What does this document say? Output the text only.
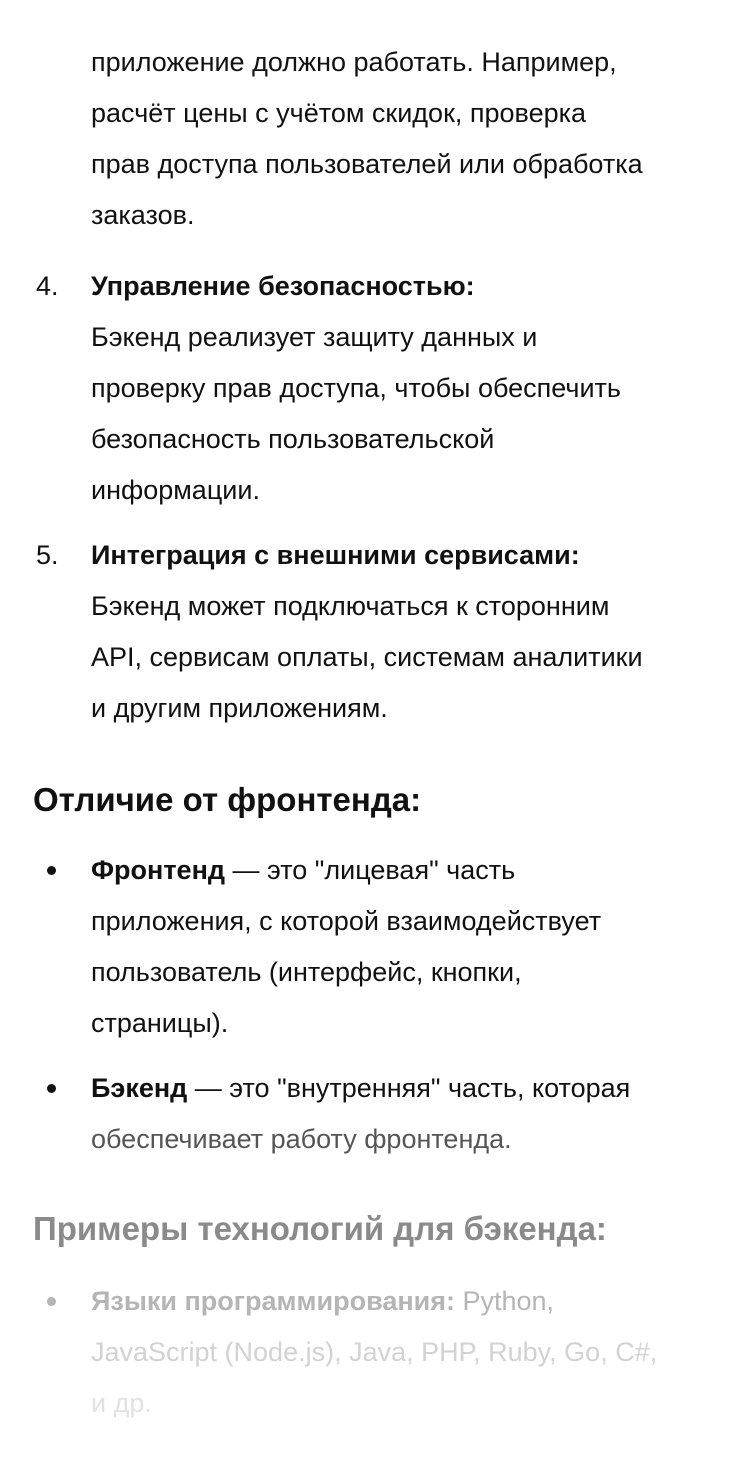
приложение должно работать. Например,

расчёт цены с учётом скидок, проверка

прав доступа пользователей или обработка

заказов.

4. Управление безопасностью:
Бэкенд реализует защиту данных и
проверку прав доступа, чтобы обеспечить
безопасность пользовательской
информации.
5. Интеграция с внешними сервисами:
Бэкенд может подключаться к сторонним
API, сервисам оплаты, системам аналитики
и другим приложениям.
Отличие от фронтенда:
Фронтенд — это "лицевая" часть
приложения, с которой взаимодействует
пользователь (интерфейс, кнопки,
страницы).
Бэкенд — это "внутренняя" часть, которая
обеспечивает работу фронтенда.
Примеры технологий для бэкенда:
Языки программирования: Python,
JavaScript (Node.js), Java, PHP, Ruby, Go, C#,
и др.
